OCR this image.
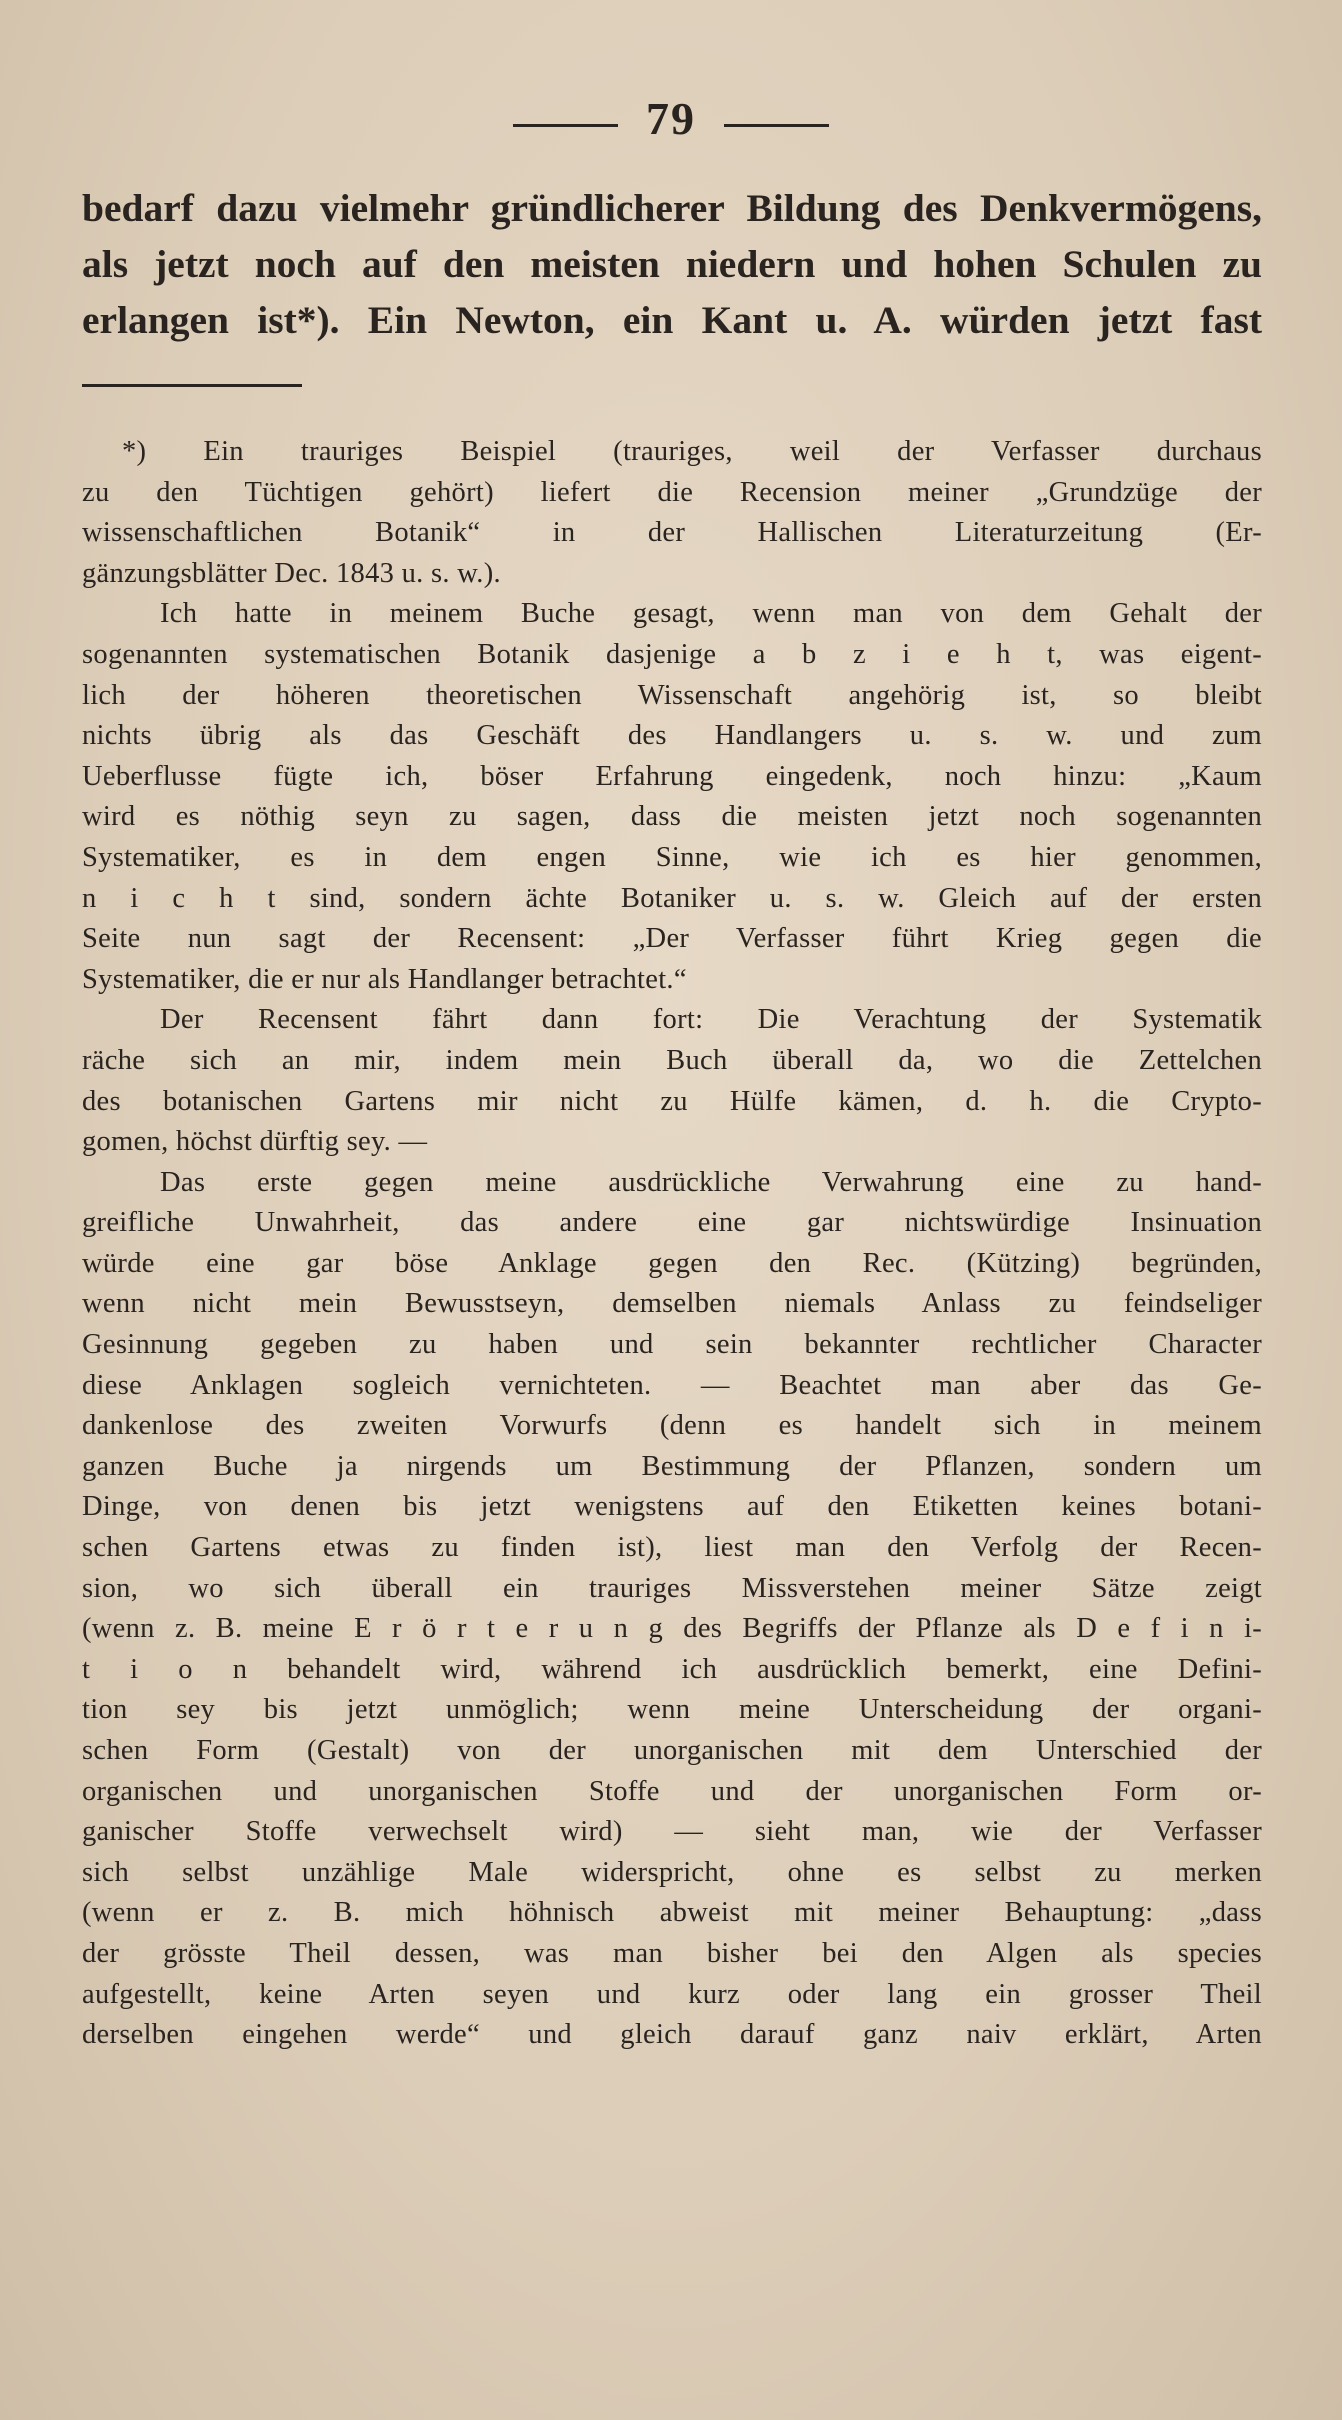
79
bedarf dazu vielmehr gründlicherer Bildung des Denkvermögens,
als jetzt noch auf den meisten niedern und hohen Schulen zu
erlangen ist*). Ein Newton, ein Kant u. A. würden jetzt fast
*) Ein trauriges Beispiel (trauriges, weil der Verfasser durchaus
zu den Tüchtigen gehört) liefert die Recension meiner „Grundzüge der
wissenschaftlichen Botanik“ in der Hallischen Literaturzeitung (Er-
gänzungsblätter Dec. 1843 u. s. w.).
Ich hatte in meinem Buche gesagt, wenn man von dem Gehalt der
sogenannten systematischen Botanik dasjenige a b z i e h t, was eigent-
lich der höheren theoretischen Wissenschaft angehörig ist, so bleibt
nichts übrig als das Geschäft des Handlangers u. s. w. und zum
Ueberflusse fügte ich, böser Erfahrung eingedenk, noch hinzu: „Kaum
wird es nöthig seyn zu sagen, dass die meisten jetzt noch sogenannten
Systematiker, es in dem engen Sinne, wie ich es hier genommen,
n i c h t sind, sondern ächte Botaniker u. s. w. Gleich auf der ersten
Seite nun sagt der Recensent: „Der Verfasser führt Krieg gegen die
Systematiker, die er nur als Handlanger betrachtet.“
Der Recensent fährt dann fort: Die Verachtung der Systematik
räche sich an mir, indem mein Buch überall da, wo die Zettelchen
des botanischen Gartens mir nicht zu Hülfe kämen, d. h. die Crypto-
gomen, höchst dürftig sey. —
Das erste gegen meine ausdrückliche Verwahrung eine zu hand-
greifliche Unwahrheit, das andere eine gar nichtswürdige Insinuation
würde eine gar böse Anklage gegen den Rec. (Kützing) begründen,
wenn nicht mein Bewusstseyn, demselben niemals Anlass zu feindseliger
Gesinnung gegeben zu haben und sein bekannter rechtlicher Character
diese Anklagen sogleich vernichteten. — Beachtet man aber das Ge-
dankenlose des zweiten Vorwurfs (denn es handelt sich in meinem
ganzen Buche ja nirgends um Bestimmung der Pflanzen, sondern um
Dinge, von denen bis jetzt wenigstens auf den Etiketten keines botani-
schen Gartens etwas zu finden ist), liest man den Verfolg der Recen-
sion, wo sich überall ein trauriges Missverstehen meiner Sätze zeigt
(wenn z. B. meine E r ö r t e r u n g des Begriffs der Pflanze als D e f i n i-
t i o n behandelt wird, während ich ausdrücklich bemerkt, eine Defini-
tion sey bis jetzt unmöglich; wenn meine Unterscheidung der organi-
schen Form (Gestalt) von der unorganischen mit dem Unterschied der
organischen und unorganischen Stoffe und der unorganischen Form or-
ganischer Stoffe verwechselt wird) — sieht man, wie der Verfasser
sich selbst unzählige Male widerspricht, ohne es selbst zu merken
(wenn er z. B. mich höhnisch abweist mit meiner Behauptung: „dass
der grösste Theil dessen, was man bisher bei den Algen als species
aufgestellt, keine Arten seyen und kurz oder lang ein grosser Theil
derselben eingehen werde“ und gleich darauf ganz naiv erklärt, Arten
